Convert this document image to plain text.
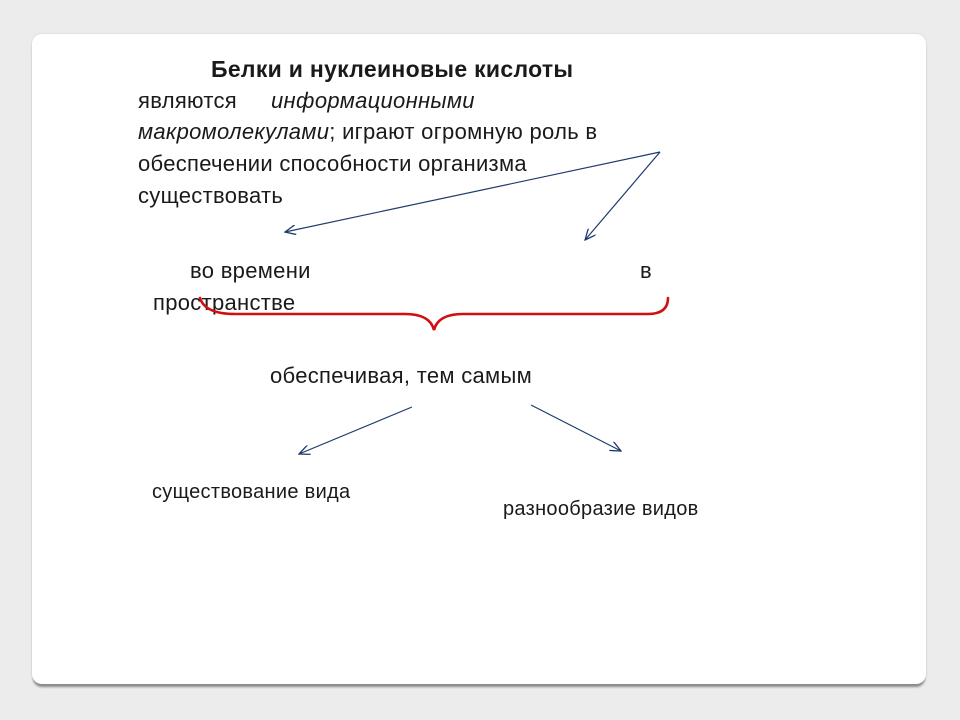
Белки и нуклеиновые кислоты
являются информационными
макромолекулами; играют огромную роль в
обеспечении способности организма
существовать
во времени	в
пространстве
обеспечивая, тем самым
существование вида
разнообразие видов
